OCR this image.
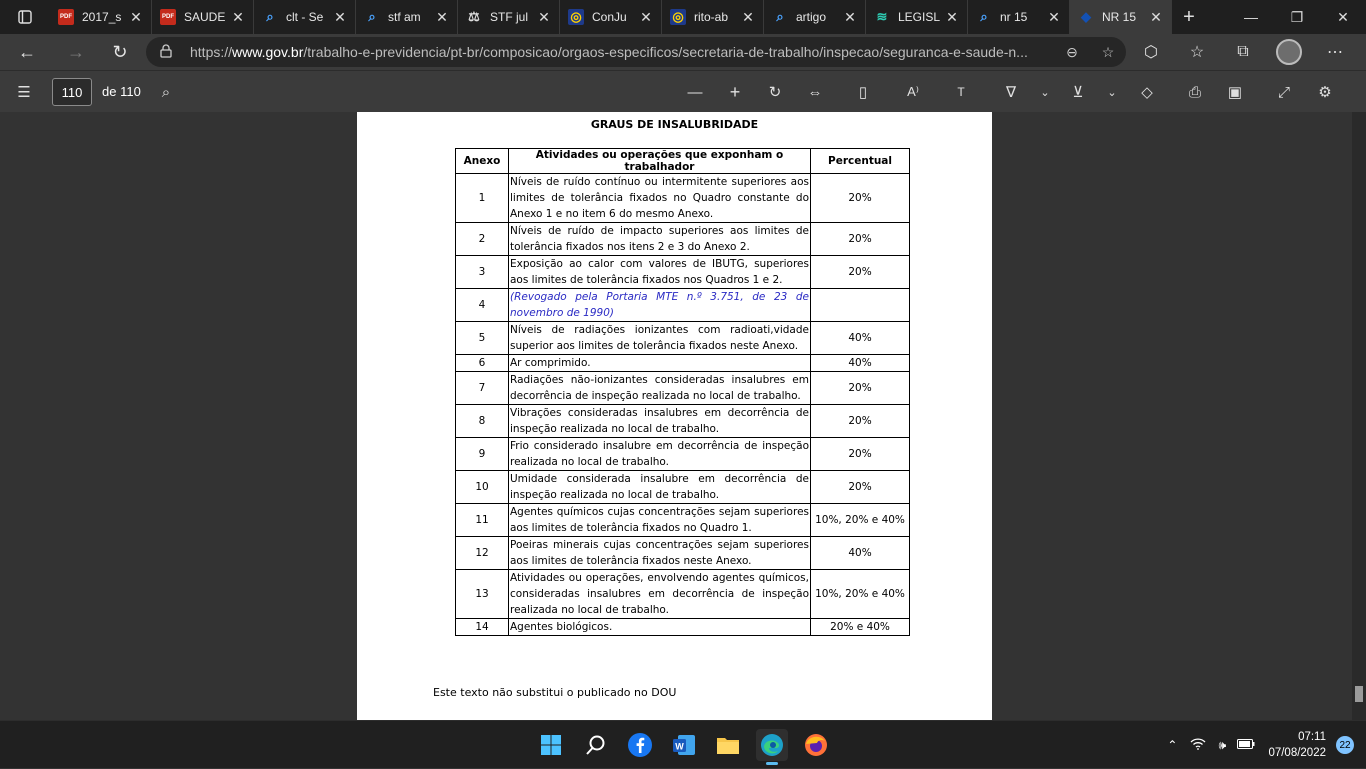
PDF 2017_s ✕	PDF SAUDE ✕	⌕	clt - Se ✕	⌕	stf am	✕ ⚖ STF jul ✕ ◎ ConJu ✕ ◎ rito-ab	✕	⌕	artigo	✕ ≋ LEGISL ✕	⌕	nr 15	✕ ◆ NR 15	✕	+	—	❐	✕
←	→	↻	https://www.gov.br/trabalho-e-previdencia/pt-br/composicao/orgaos-especificos/secretaria-de-trabalho/inspecao/seguranca-e-saude-n...	⊖	☆	⬡	☆	⧉	⋯
☰	110	de 110	⌕	—	+	↻	⇔	▯	A⁾	T	∇	⌄	⊻	⌄	◇	⎙	▣	⤢	⚙
GRAUS DE INSALUBRIDADE
Anexo	Atividades ou operações que exponham o trabalhador	Percentual
1	Níveis de ruído contínuo ou intermitente superiores aos limites de tolerância fixados no Quadro constante do Anexo 1 e no item 6 do mesmo Anexo.	20%
2	Níveis de ruído de impacto superiores aos limites de tolerância fixados nos itens 2 e 3 do Anexo 2.	20%
3	Exposição ao calor com valores de IBUTG, superiores aos limites de tolerância fixados nos Quadros 1 e 2.	20%
4	(Revogado pela Portaria MTE n.º 3.751, de 23 de novembro de 1990)	
5	Níveis de radiações ionizantes com radioati,vidade superior aos limites de tolerância fixados neste Anexo.	40%
6	Ar comprimido.	40%
7	Radiações não-ionizantes consideradas insalubres em decorrência de inspeção realizada no local de trabalho.	20%
8	Vibrações consideradas insalubres em decorrência de inspeção realizada no local de trabalho.	20%
9	Frio considerado insalubre em decorrência de inspeção realizada no local de trabalho.	20%
10	Umidade considerada insalubre em decorrência de inspeção realizada no local de trabalho.	20%
11	Agentes químicos cujas concentrações sejam superiores aos limites de tolerância fixados no Quadro 1.	10%, 20% e 40%
12	Poeiras minerais cujas concentrações sejam superiores aos limites de tolerância fixados neste Anexo.	40%
13	Atividades ou operações, envolvendo agentes químicos, consideradas insalubres em decorrência de inspeção realizada no local de trabalho.	10%, 20% e 40%
14	Agentes biológicos.	20% e 40%
Este texto não substitui o publicado no DOU
W	⌃	🕪
07:11
07/08/2022
22
